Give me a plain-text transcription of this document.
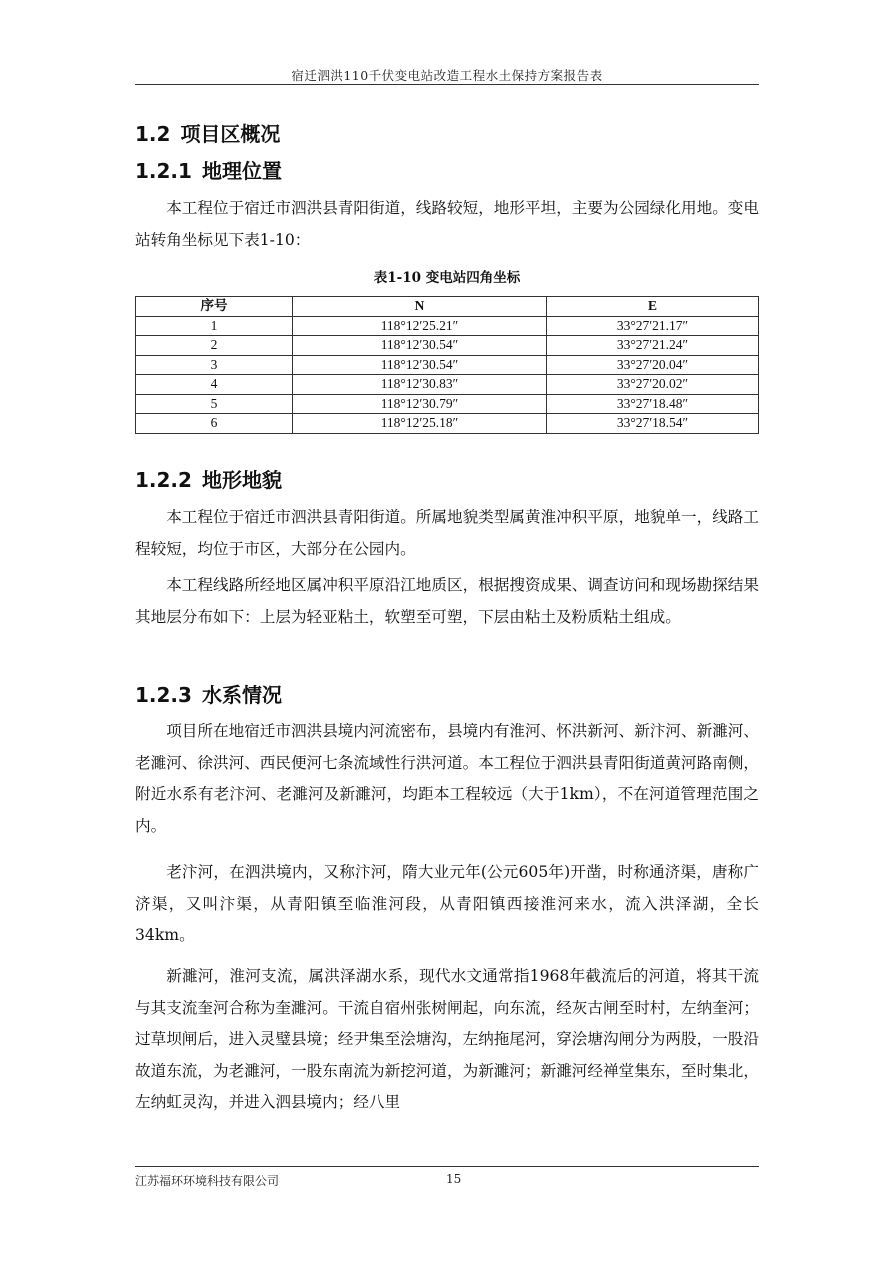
宿迁泗洪110千伏变电站改造工程水土保持方案报告表
1.2 项目区概况
1.2.1 地理位置

本工程位于宿迁市泗洪县青阳街道，线路较短，地形平坦，主要为公园绿化用地。变电站转角坐标见下表1-10：

表1-10 变电站四角坐标
序号	N	E
1	118°12′25.21″	33°27′21.17″
2	118°12′30.54″	33°27′21.24″
3	118°12′30.54″	33°27′20.04″
4	118°12′30.83″	33°27′20.02″
5	118°12′30.79″	33°27′18.48″
6	118°12′25.18″	33°27′18.54″
1.2.2 地形地貌

本工程位于宿迁市泗洪县青阳街道。所属地貌类型属黄淮冲积平原，地貌单一，线路工程较短，均位于市区，大部分在公园内。

本工程线路所经地区属冲积平原沿江地质区，根据搜资成果、调查访问和现场勘探结果其地层分布如下：上层为轻亚粘土，软塑至可塑，下层由粘土及粉质粘土组成。

1.2.3 水系情况

项目所在地宿迁市泗洪县境内河流密布，县境内有淮河、怀洪新河、新汴河、新濉河、老濉河、徐洪河、西民便河七条流域性行洪河道。本工程位于泗洪县青阳街道黄河路南侧，附近水系有老汴河、老濉河及新濉河，均距本工程较远（大于1km），不在河道管理范围之内。

老汴河，在泗洪境内，又称汴河，隋大业元年(公元605年)开凿，时称通济渠，唐称广济渠，又叫汴渠，从青阳镇至临淮河段，从青阳镇西接淮河来水，流入洪泽湖，全长34km。

新濉河，淮河支流，属洪泽湖水系，现代水文通常指1968年截流后的河道，将其干流与其支流奎河合称为奎濉河。干流自宿州张树闸起，向东流，经灰古闸至时村，左纳奎河；过草坝闸后，进入灵璧县境；经尹集至浍塘沟，左纳拖尾河，穿浍塘沟闸分为两股，一股沿故道东流，为老濉河，一股东南流为新挖河道，为新濉河；新濉河经禅堂集东，至时集北，左纳虹灵沟，并进入泗县境内；经八里

江苏福环环境科技有限公司	15
